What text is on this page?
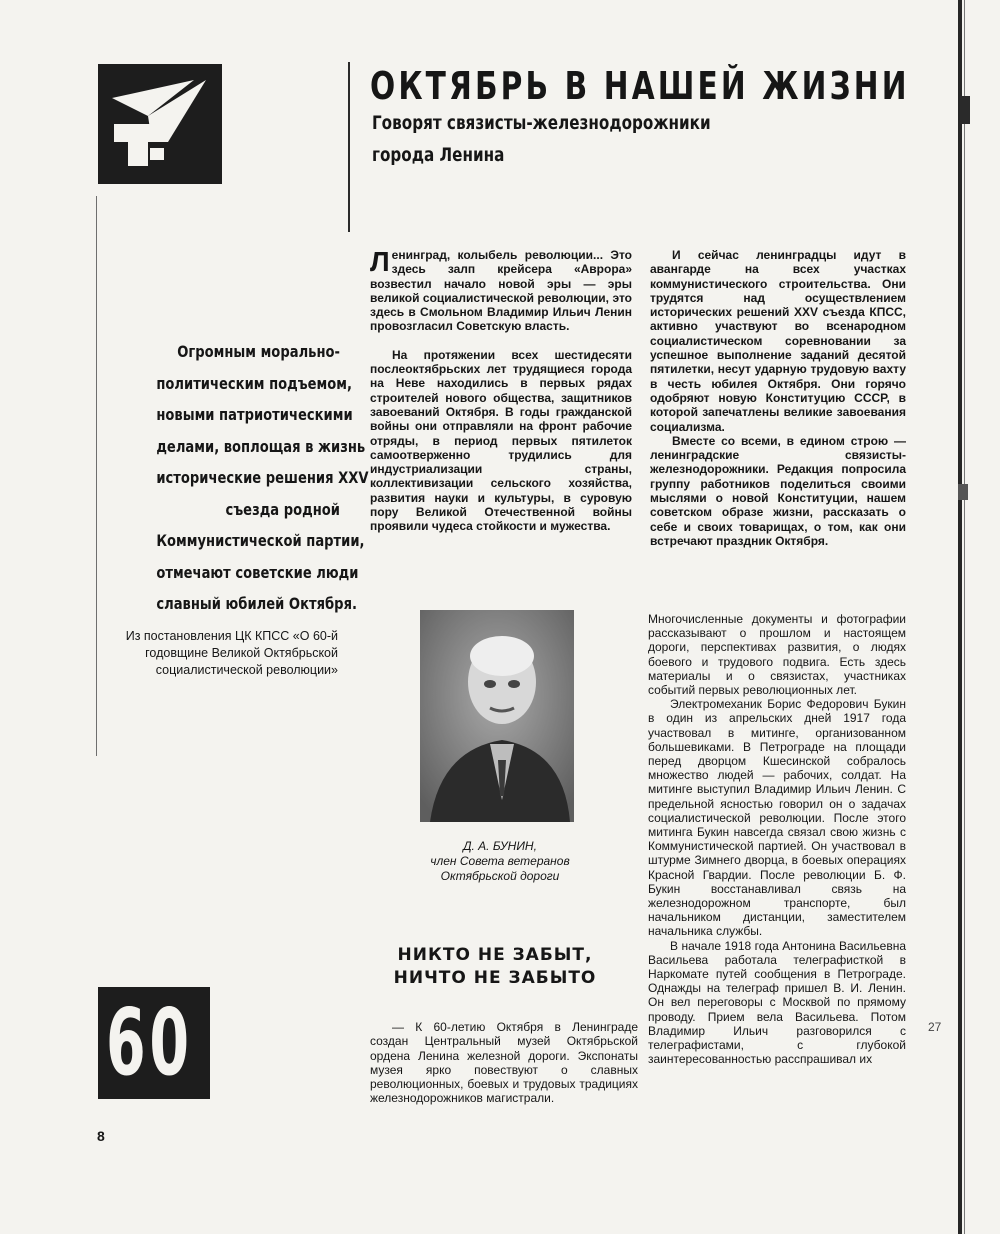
ОКТЯБРЬ В НАШЕЙ ЖИЗНИ
Говорят связисты-железнодорожники
города Ленина
Огромным морально-
политическим подъемом,
новыми патриотическими
делами, воплощая в жизнь
исторические решения XXV
съезда родной
Коммунистической партии,
отмечают советские люди
славный юбилей Октября.
Из постановления ЦК КПСС «О 60-й годовщине Великой Октябрьской социалистической революции»

Ленинград, колыбель революции... Это здесь залп крейсера «Аврора» возвестил начало новой эры — эры великой социалистической революции, это здесь в Смольном Владимир Ильич Ленин провозгласил Советскую власть.

На протяжении всех шестидесяти послеоктябрьских лет трудящиеся города на Неве находились в первых рядах строителей нового общества, защитников завоеваний Октября. В годы гражданской войны они отправляли на фронт рабочие отряды, в период первых пятилеток самоотверженно трудились для индустриализации страны, коллективизации сельского хозяйства, развития науки и культуры, в суровую пору Великой Отечественной войны проявили чудеса стойкости и мужества.

И сейчас ленинградцы идут в авангарде на всех участках коммунистического строительства. Они трудятся над осуществлением исторических решений XXV съезда КПСС, активно участвуют во всенародном социалистическом соревновании за успешное выполнение заданий десятой пятилетки, несут ударную трудовую вахту в честь юбилея Октября. Они горячо одобряют новую Конституцию СССР, в которой запечатлены великие завоевания социализма.

Вместе со всеми, в едином строю — ленинградские связисты-железнодорожники. Редакция попросила группу работников поделиться своими мыслями о новой Конституции, нашем советском образе жизни, рассказать о себе и своих товарищах, о том, как они встречают праздник Октября.

Д. А. БУНИН,
член Совета ветеранов Октябрьской дороги
НИКТО НЕ ЗАБЫТ,
НИЧТО НЕ ЗАБЫТО

— К 60-летию Октября в Ленинграде создан Центральный музей Октябрьской ордена Ленина железной дороги. Экспонаты музея ярко повествуют о славных революционных, боевых и трудовых традициях железнодорожников магистрали.

Многочисленные документы и фотографии рассказывают о прошлом и настоящем дороги, перспективах развития, о людях боевого и трудового подвига. Есть здесь материалы и о связистах, участниках событий первых революционных лет.

Электромеханик Борис Федорович Букин в один из апрельских дней 1917 года участвовал в митинге, организованном большевиками. В Петрограде на площади перед дворцом Кшесинской собралось множество людей — рабочих, солдат. На митинге выступил Владимир Ильич Ленин. С предельной ясностью говорил он о задачах социалистической революции. После этого митинга Букин навсегда связал свою жизнь с Коммунистической партией. Он участвовал в штурме Зимнего дворца, в боевых операциях Красной Гвардии. После революции Б. Ф. Букин восстанавливал связь на железнодорожном транспорте, был начальником дистанции, заместителем начальника службы.

В начале 1918 года Антонина Васильевна Васильева работала телеграфисткой в Наркомате путей сообщения в Петрограде. Однажды на телеграф пришел В. И. Ленин. Он вел переговоры с Москвой по прямому проводу. Прием вела Васильева. Потом Владимир Ильич разговорился с телеграфистами, с глубокой заинтересованностью расспрашивал их

60
8
27
